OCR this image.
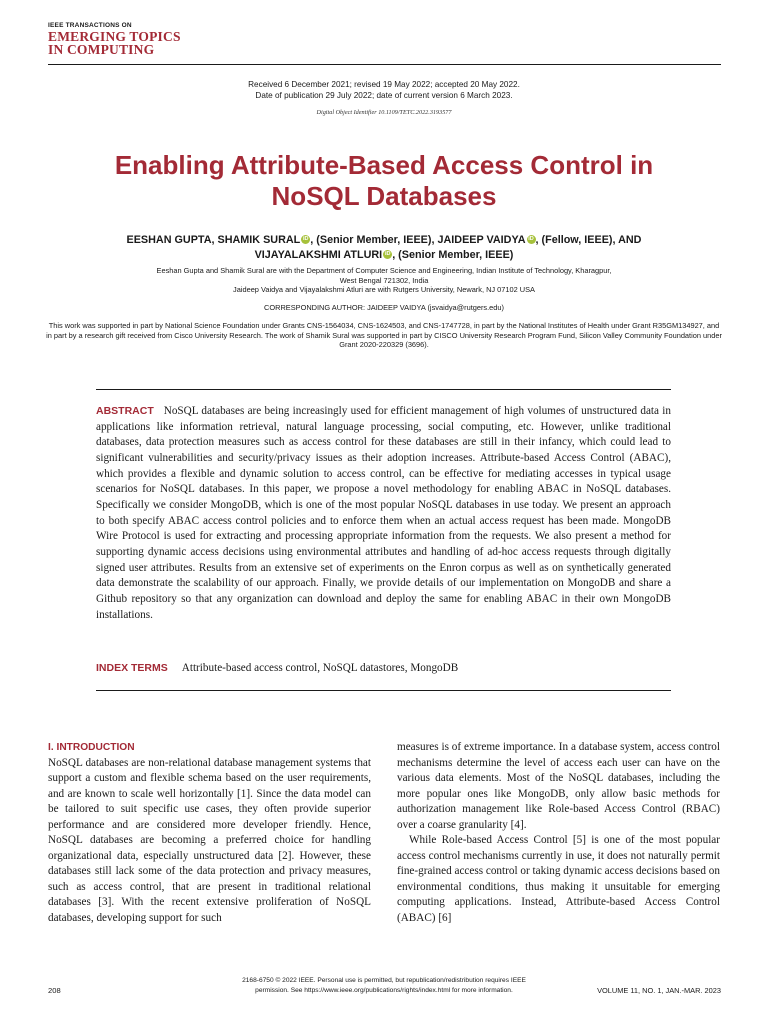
IEEE TRANSACTIONS ON
EMERGING TOPICS
IN COMPUTING
Received 6 December 2021; revised 19 May 2022; accepted 20 May 2022.
Date of publication 29 July 2022; date of current version 6 March 2023.
Digital Object Identifier 10.1109/TETC.2022.3193577
Enabling Attribute-Based Access Control in
NoSQL Databases
EESHAN GUPTA, SHAMIK SURAL iD , (Senior Member, IEEE), JAIDEEP VAIDYA iD , (Fellow, IEEE), AND
VIJAYALAKSHMI ATLURI iD , (Senior Member, IEEE)
Eeshan Gupta and Shamik Sural are with the Department of Computer Science and Engineering, Indian Institute of Technology, Kharagpur,
West Bengal 721302, India
Jaideep Vaidya and Vijayalakshmi Atluri are with Rutgers University, Newark, NJ 07102 USA
CORRESPONDING AUTHOR: JAIDEEP VAIDYA (jsvaidya@rutgers.edu)
This work was supported in part by National Science Foundation under Grants CNS-1564034, CNS-1624503, and CNS-1747728, in part by the National Institutes of Health under Grant R35GM134927, and in part by a research gift received from Cisco University Research. The work of Shamik Sural was supported in part by CISCO University Research Program Fund, Silicon Valley Community Foundation under Grant 2020-220329 (3696).
ABSTRACT NoSQL databases are being increasingly used for efficient management of high volumes of unstructured data in applications like information retrieval, natural language processing, social computing, etc. However, unlike traditional databases, data protection measures such as access control for these databases are still in their infancy, which could lead to significant vulnerabilities and security/privacy issues as their adoption increases. Attribute-based Access Control (ABAC), which provides a flexible and dynamic solution to access control, can be effective for mediating accesses in typical usage scenarios for NoSQL databases. In this paper, we propose a novel methodology for enabling ABAC in NoSQL databases. Specifically we consider MongoDB, which is one of the most popular NoSQL databases in use today. We present an approach to both specify ABAC access control policies and to enforce them when an actual access request has been made. MongoDB Wire Protocol is used for extracting and processing appropriate information from the requests. We also present a method for supporting dynamic access decisions using environmental attributes and handling of ad-hoc access requests through digitally signed user attributes. Results from an extensive set of experiments on the Enron corpus as well as on synthetically generated data demonstrate the scalability of our approach. Finally, we provide details of our implementation on MongoDB and share a Github repository so that any organization can download and deploy the same for enabling ABAC in their own MongoDB installations.
INDEX TERMS Attribute-based access control, NoSQL datastores, MongoDB
I. INTRODUCTION

NoSQL databases are non-relational database management systems that support a custom and flexible schema based on the user requirements, and are known to scale well horizontally [1]. Since the data model can be tailored to suit specific use cases, they often provide superior performance and are considered more developer friendly. Hence, NoSQL databases are becoming a preferred choice for handling organizational data, especially unstructured data [2]. However, these databases still lack some of the data protection and privacy measures, such as access control, that are present in traditional relational databases [3]. With the recent extensive proliferation of NoSQL databases, developing support for such

measures is of extreme importance. In a database system, access control mechanisms determine the level of access each user can have on the various data elements. Most of the NoSQL databases, including the more popular ones like MongoDB, only allow basic methods for authorization management like Role-based Access Control (RBAC) over a coarse granularity [4].

While Role-based Access Control [5] is one of the most popular access control mechanisms currently in use, it does not naturally permit fine-grained access control or taking dynamic access decisions based on environmental conditions, thus making it unsuitable for emerging computing applications. Instead, Attribute-based Access Control (ABAC) [6]

208
2168-6750 © 2022 IEEE. Personal use is permitted, but republication/redistribution requires IEEE
permission. See https://www.ieee.org/publications/rights/index.html for more information.	VOLUME 11, NO. 1, JAN.-MAR. 2023
